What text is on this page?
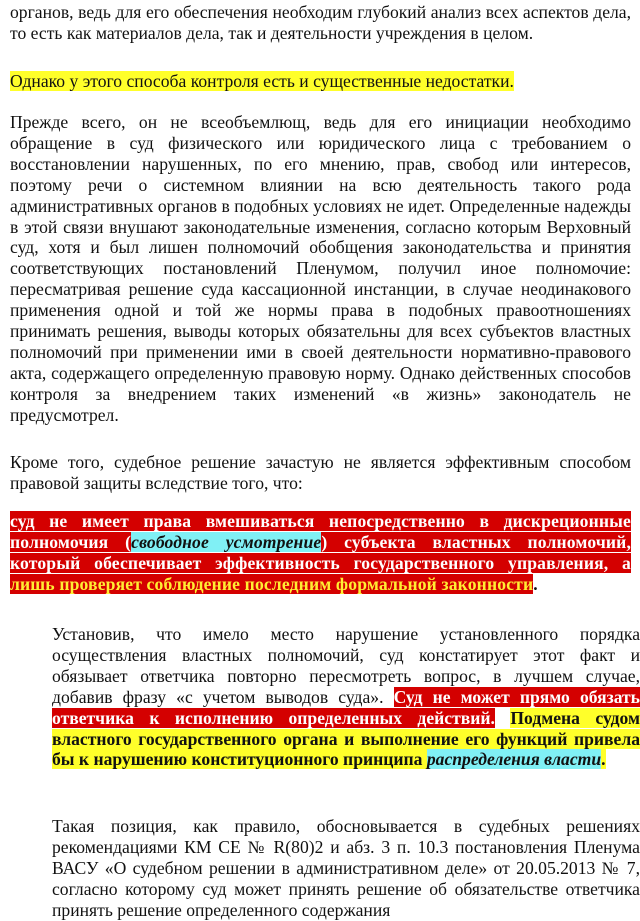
органов, ведь для его обеспечения необходим глубокий анализ всех аспектов дела, то есть как материалов дела, так и деятельности учреждения в целом.

Однако у этого способа контроля есть и существенные недостатки.

Прежде всего, он не всеобъемлющ, ведь для его инициации необходимо обращение в суд физического или юридического лица с требованием о восстановлении нарушенных, по его мнению, прав, свобод или интересов, поэтому речи о системном влиянии на всю деятельность такого рода административных органов в подобных условиях не идет. Определенные надежды в этой связи внушают законодательные изменения, согласно которым Верховный суд, хотя и был лишен полномочий обобщения законодательства и принятия соответствующих постановлений Пленумом, получил иное полномочие: пересматривая решение суда кассационной инстанции, в случае неодинакового применения одной и той же нормы права в подобных правоотношениях принимать решения, выводы которых обязательны для всех субъектов властных полномочий при применении ими в своей деятельности нормативно-правового акта, содержащего определенную правовую норму. Однако действенных способов контроля за внедрением таких изменений «в жизнь» законодатель не предусмотрел.

Кроме того, судебное решение зачастую не является эффективным способом правовой защиты вследствие того, что:

суд не имеет права вмешиваться непосредственно в дискреционные полномочия (свободное усмотрение) субъекта властных полномочий, который обеспечивает эффективность государственного управления, а лишь проверяет соблюдение последним формальной законности.

Установив, что имело место нарушение установленного порядка осуществления властных полномочий, суд констатирует этот факт и обязывает ответчика повторно пересмотреть вопрос, в лучшем случае, добавив фразу «с учетом выводов суда». Суд не может прямо обязать ответчика к исполнению определенных действий. Подмена судом властного государственного органа и выполнение его функций привела бы к нарушению конституционного принципа распределения власти.

Такая позиция, как правило, обосновывается в судебных решениях рекомендациями КМ СЕ № R(80)2 и абз. 3 п. 10.3 постановления Пленума ВАСУ «О судебном решении в административном деле» от 20.05.2013 № 7, согласно которому суд может принять решение об обязательстве ответчика принять решение определенного содержания
